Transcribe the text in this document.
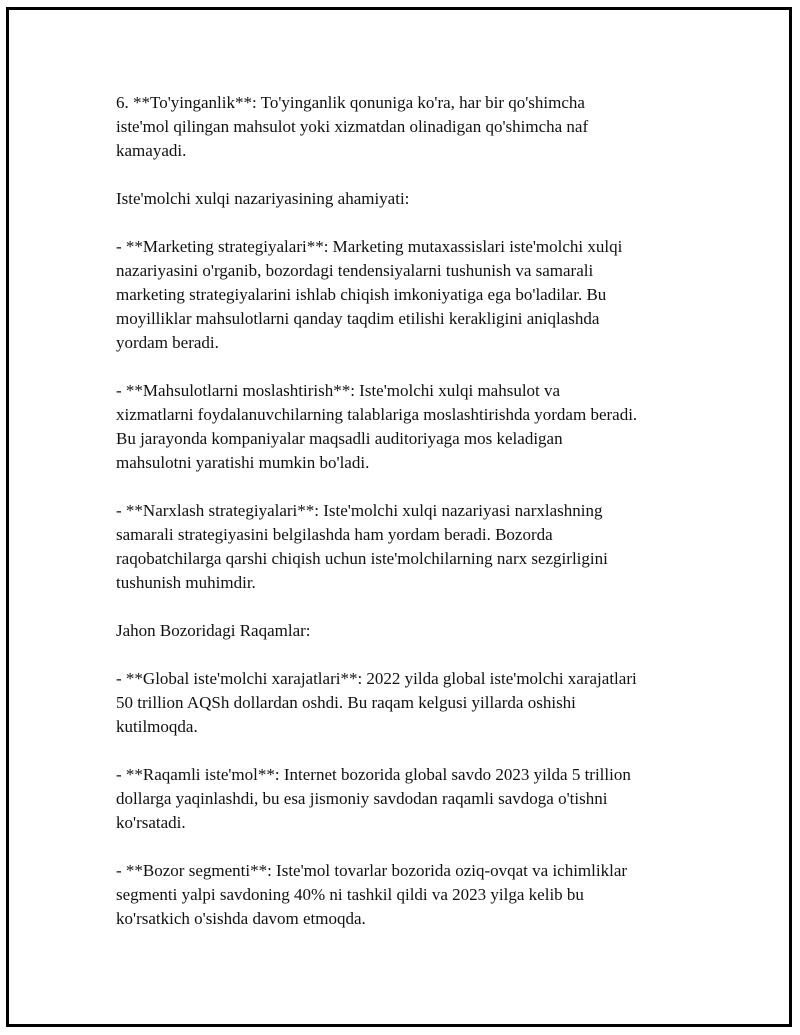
6. **To'yinganlik**: To'yinganlik qonuniga ko'ra, har bir qo'shimcha
iste'mol qilingan mahsulot yoki xizmatdan olinadigan qo'shimcha naf
kamayadi.

Iste'molchi xulqi nazariyasining ahamiyati:

- **Marketing strategiyalari**: Marketing mutaxassislari iste'molchi xulqi
nazariyasini o'rganib, bozordagi tendensiyalarni tushunish va samarali
marketing strategiyalarini ishlab chiqish imkoniyatiga ega bo'ladilar. Bu
moyilliklar mahsulotlarni qanday taqdim etilishi kerakligini aniqlashda
yordam beradi.

- **Mahsulotlarni moslashtirish**: Iste'molchi xulqi mahsulot va
xizmatlarni foydalanuvchilarning talablariga moslashtirishda yordam beradi.
Bu jarayonda kompaniyalar maqsadli auditoriyaga mos keladigan
mahsulotni yaratishi mumkin bo'ladi.

- **Narxlash strategiyalari**: Iste'molchi xulqi nazariyasi narxlashning
samarali strategiyasini belgilashda ham yordam beradi. Bozorda
raqobatchilarga qarshi chiqish uchun iste'molchilarning narx sezgirligini
tushunish muhimdir.

Jahon Bozoridagi Raqamlar:

- **Global iste'molchi xarajatlari**: 2022 yilda global iste'molchi xarajatlari
50 trillion AQSh dollardan oshdi. Bu raqam kelgusi yillarda oshishi
kutilmoqda.

- **Raqamli iste'mol**: Internet bozorida global savdo 2023 yilda 5 trillion
dollarga yaqinlashdi, bu esa jismoniy savdodan raqamli savdoga o'tishni
ko'rsatadi.

- **Bozor segmenti**: Iste'mol tovarlar bozorida oziq-ovqat va ichimliklar
segmenti yalpi savdoning 40% ni tashkil qildi va 2023 yilga kelib bu
ko'rsatkich o'sishda davom etmoqda.
